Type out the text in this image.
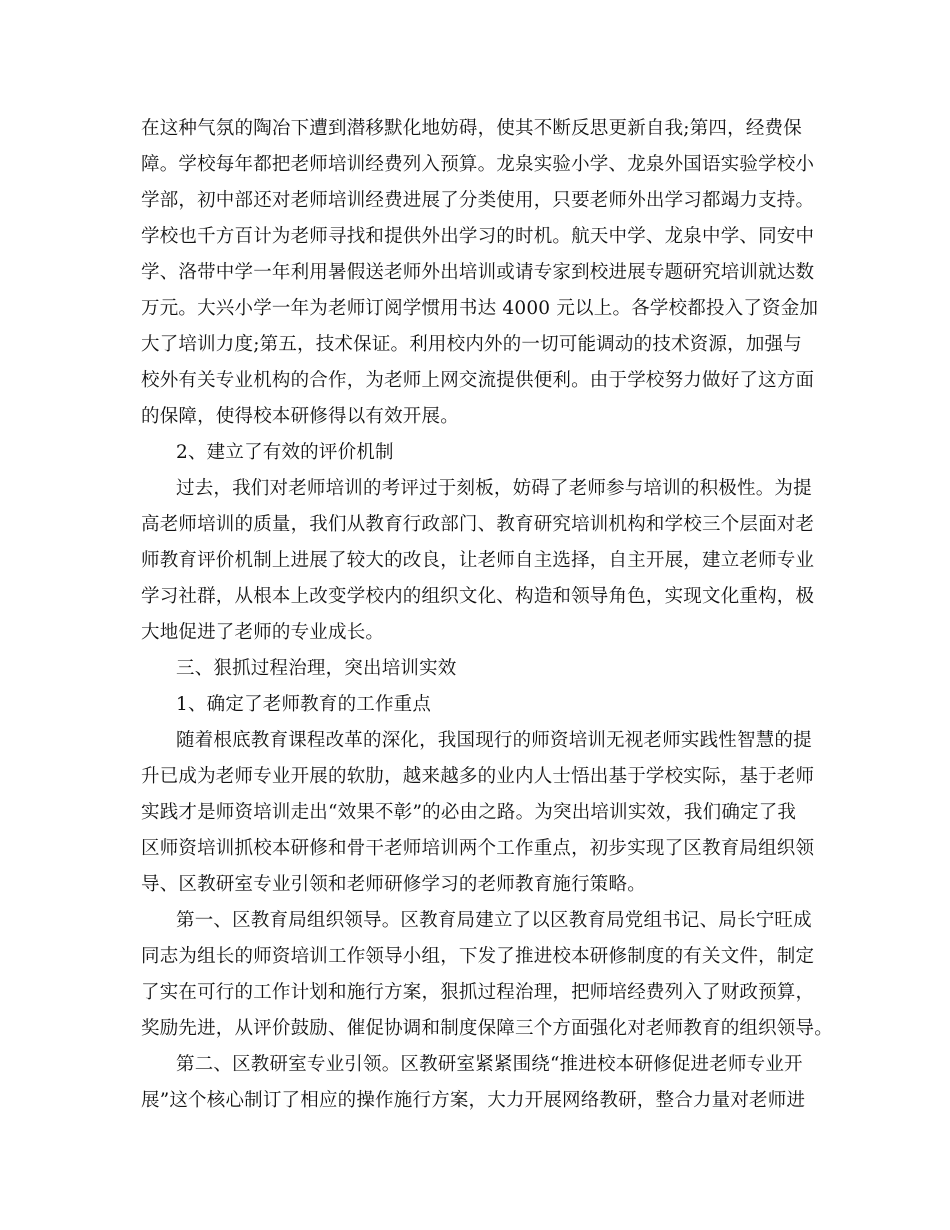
在这种气氛的陶冶下遭到潜移默化地妨碍，使其不断反思更新自我;第四，经费保
障。学校每年都把老师培训经费列入预算。龙泉实验小学、龙泉外国语实验学校小
学部，初中部还对老师培训经费进展了分类使用，只要老师外出学习都竭力支持。
学校也千方百计为老师寻找和提供外出学习的时机。航天中学、龙泉中学、同安中
学、洛带中学一年利用暑假送老师外出培训或请专家到校进展专题研究培训就达数
万元。大兴小学一年为老师订阅学惯用书达 4000 元以上。各学校都投入了资金加
大了培训力度;第五，技术保证。利用校内外的一切可能调动的技术资源，加强与
校外有关专业机构的合作，为老师上网交流提供便利。由于学校努力做好了这方面
的保障，使得校本研修得以有效开展。
2、建立了有效的评价机制
过去，我们对老师培训的考评过于刻板，妨碍了老师参与培训的积极性。为提
高老师培训的质量，我们从教育行政部门、教育研究培训机构和学校三个层面对老
师教育评价机制上进展了较大的改良，让老师自主选择，自主开展，建立老师专业
学习社群，从根本上改变学校内的组织文化、构造和领导角色，实现文化重构，极
大地促进了老师的专业成长。
三、狠抓过程治理，突出培训实效
1、确定了老师教育的工作重点
随着根底教育课程改革的深化，我国现行的师资培训无视老师实践性智慧的提
升已成为老师专业开展的软肋，越来越多的业内人士悟出基于学校实际，基于老师
实践才是师资培训走出“效果不彰”的必由之路。为突出培训实效，我们确定了我
区师资培训抓校本研修和骨干老师培训两个工作重点，初步实现了区教育局组织领
导、区教研室专业引领和老师研修学习的老师教育施行策略。
第一、区教育局组织领导。区教育局建立了以区教育局党组书记、局长宁旺成
同志为组长的师资培训工作领导小组，下发了推进校本研修制度的有关文件，制定
了实在可行的工作计划和施行方案，狠抓过程治理，把师培经费列入了财政预算，
奖励先进，从评价鼓励、催促协调和制度保障三个方面强化对老师教育的组织领导。
第二、区教研室专业引领。区教研室紧紧围绕“推进校本研修促进老师专业开
展”这个核心制订了相应的操作施行方案，大力开展网络教研，整合力量对老师进
